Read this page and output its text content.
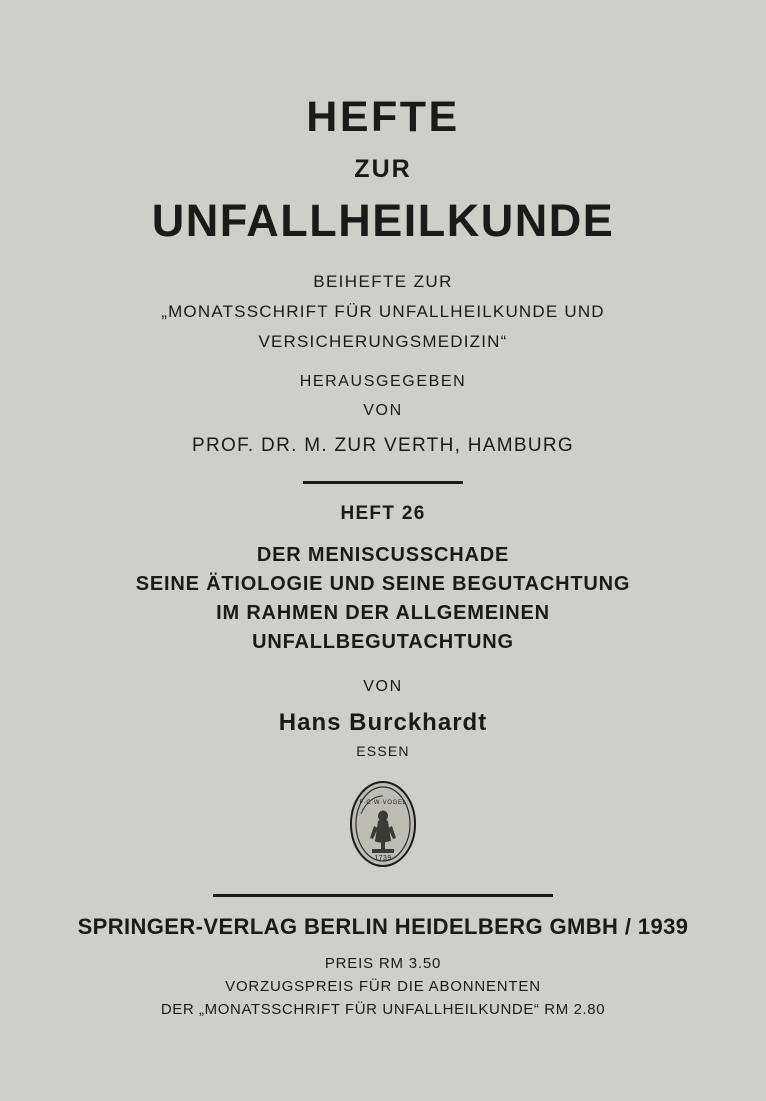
HEFTE
ZUR
UNFALLHEILKUNDE
BEIHEFTE ZUR
„MONATSSCHRIFT FÜR UNFALLHEILKUNDE UND
VERSICHERUNGSMEDIZIN“
HERAUSGEGEBEN
VON
PROF. DR. M. ZUR VERTH, HAMBURG
HEFT 26
DER MENISCUSSCHADE
SEINE ÄTIOLOGIE UND SEINE BEGUTACHTUNG
IM RAHMEN DER ALLGEMEINEN
UNFALLBEGUTACHTUNG
VON
Hans Burckhardt
ESSEN
F·C·W·VOGEL
1739
SPRINGER-VERLAG BERLIN HEIDELBERG GMBH / 1939
PREIS RM 3.50
VORZUGSPREIS FÜR DIE ABONNENTEN
DER „MONATSSCHRIFT FÜR UNFALLHEILKUNDE“ RM 2.80
